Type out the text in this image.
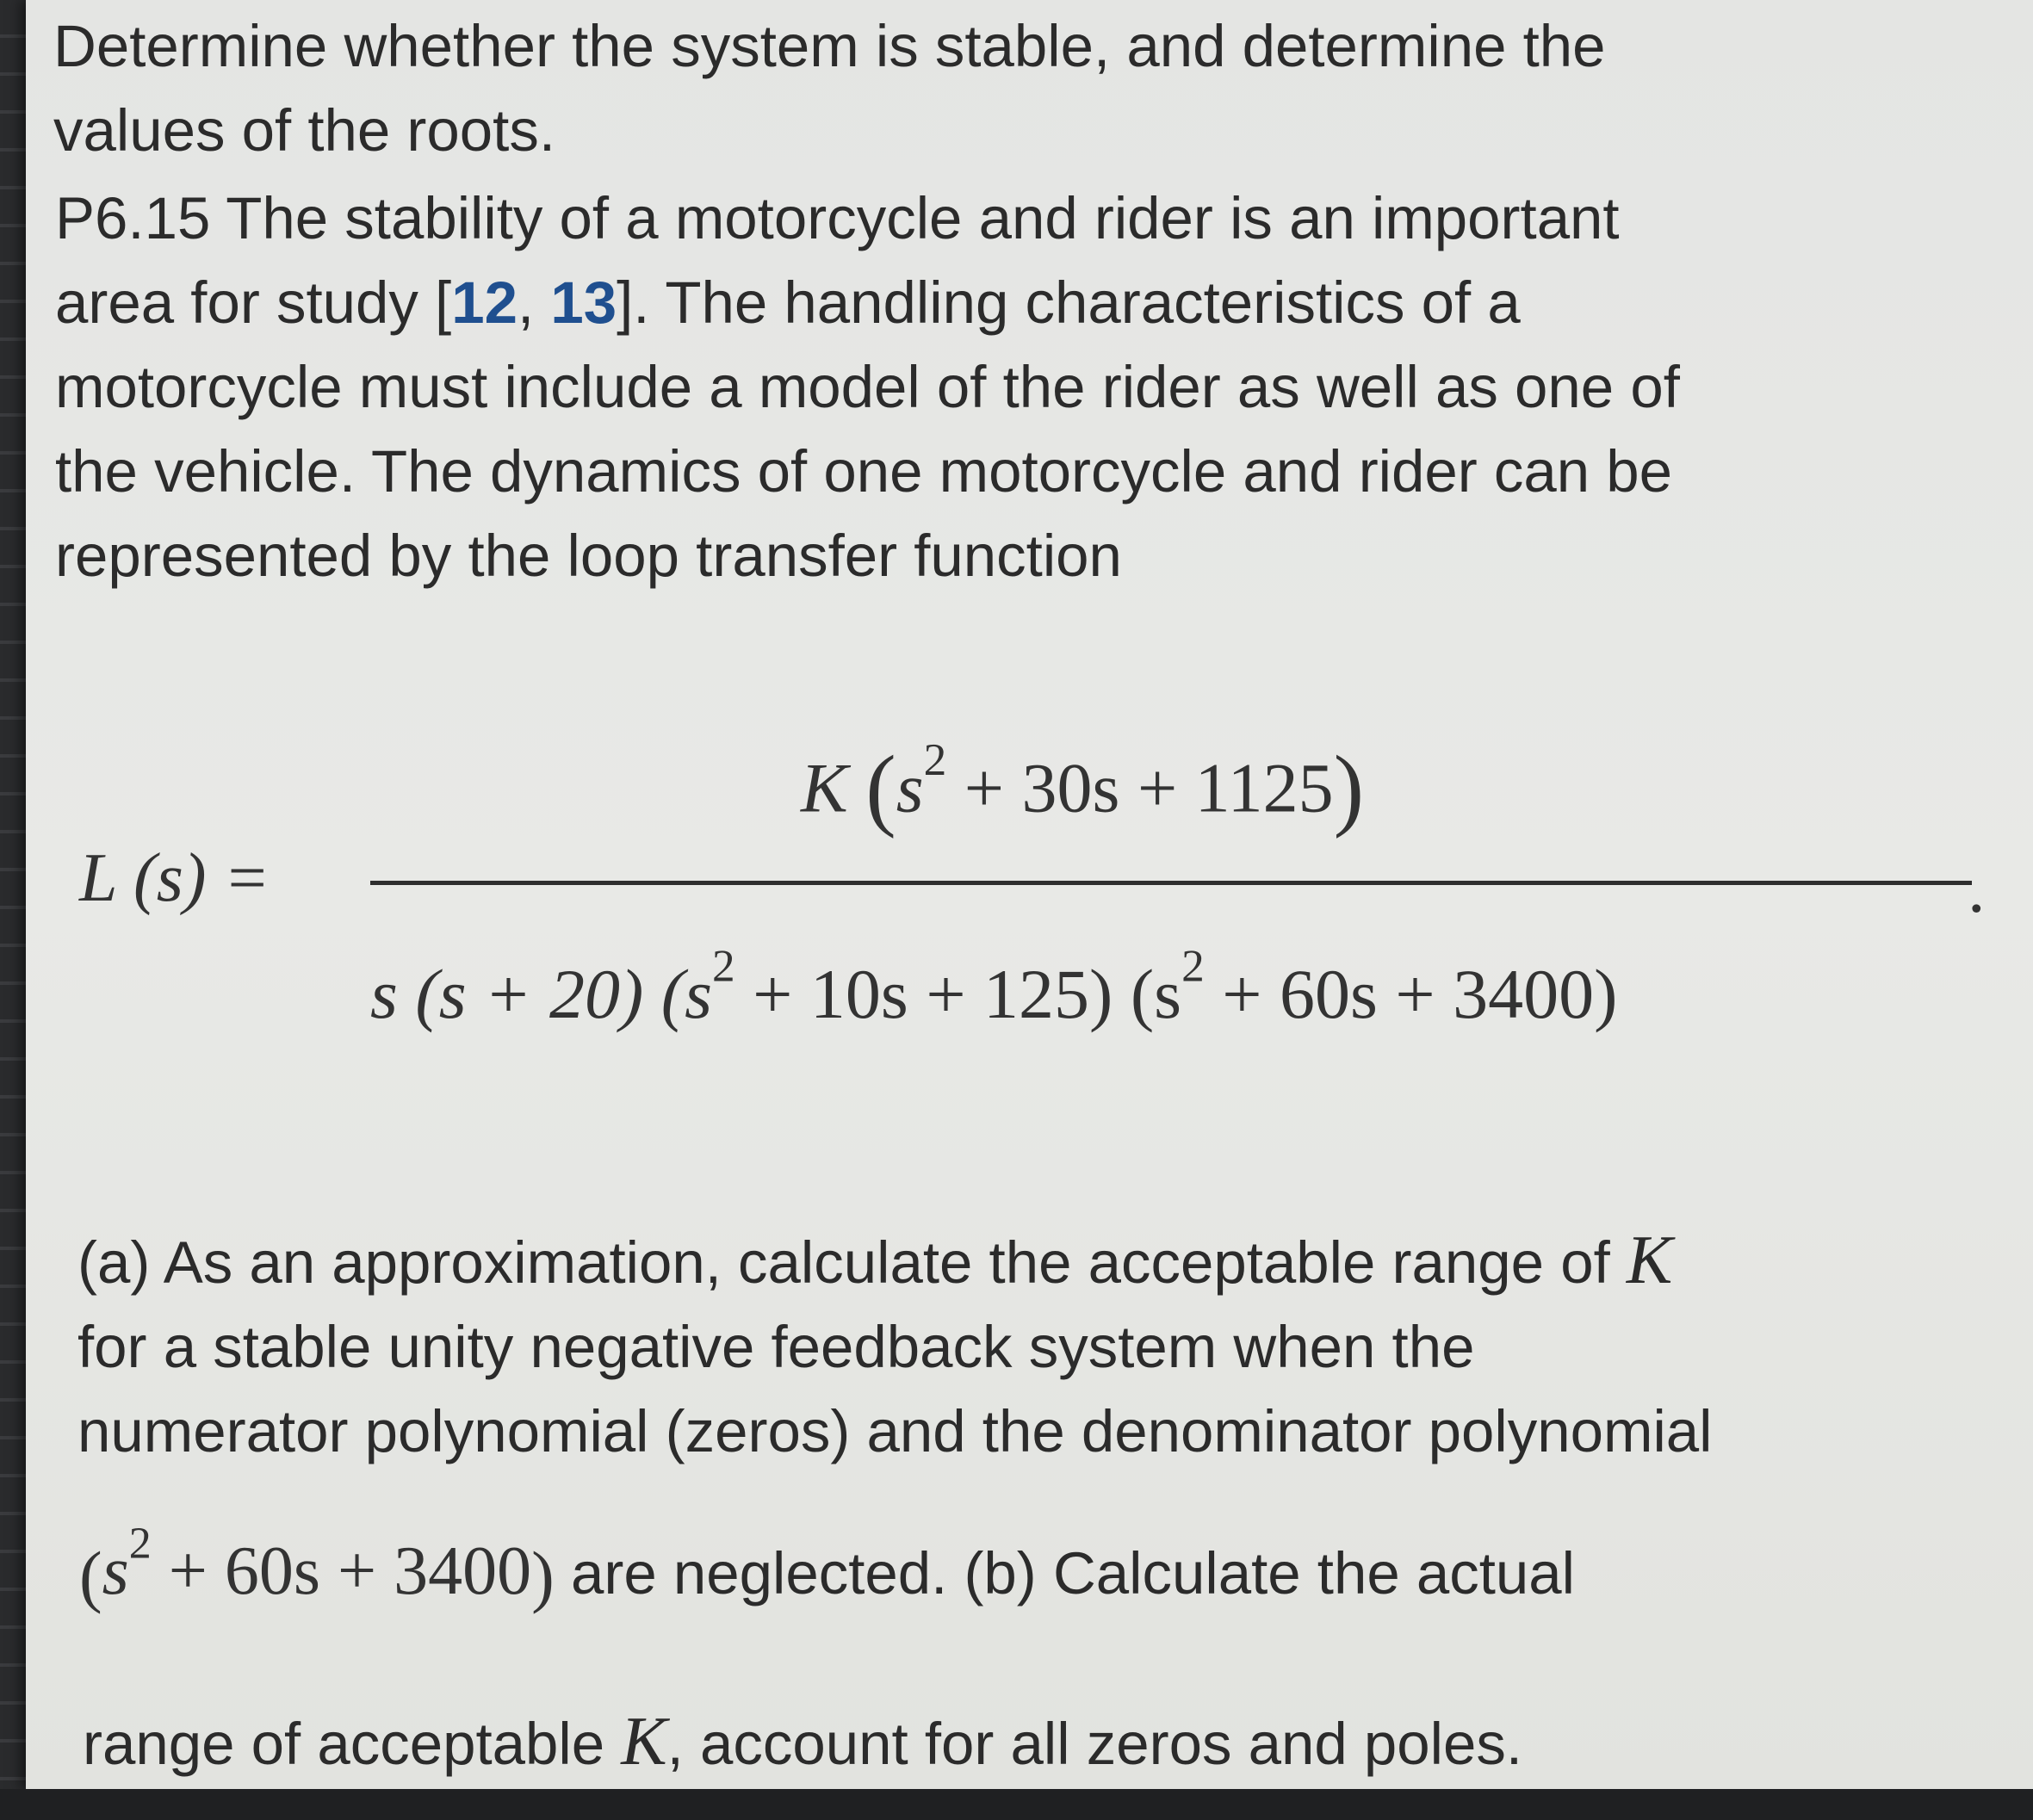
Determine whether the system is stable, and determine the
values of the roots.
P6.15 The stability of a motorcycle and rider is an important
area for study [12, 13]. The handling characteristics of a
motorcycle must include a model of the rider as well as one of
the vehicle. The dynamics of one motorcycle and rider can be
represented by the loop transfer function
L (s) =
K $(s^2 + 30s + 1125)$
.
s (s + 20) $(s^2 + 10s + 125) (s^2 + 60s + 3400)$
(a) As an approximation, calculate the acceptable range of K
for a stable unity negative feedback system when the
numerator polynomial (zeros) and the denominator polynomial
$(s^2 + 60s + 3400)$ are neglected. (b) Calculate the actual
range of acceptable K, account for all zeros and poles.
